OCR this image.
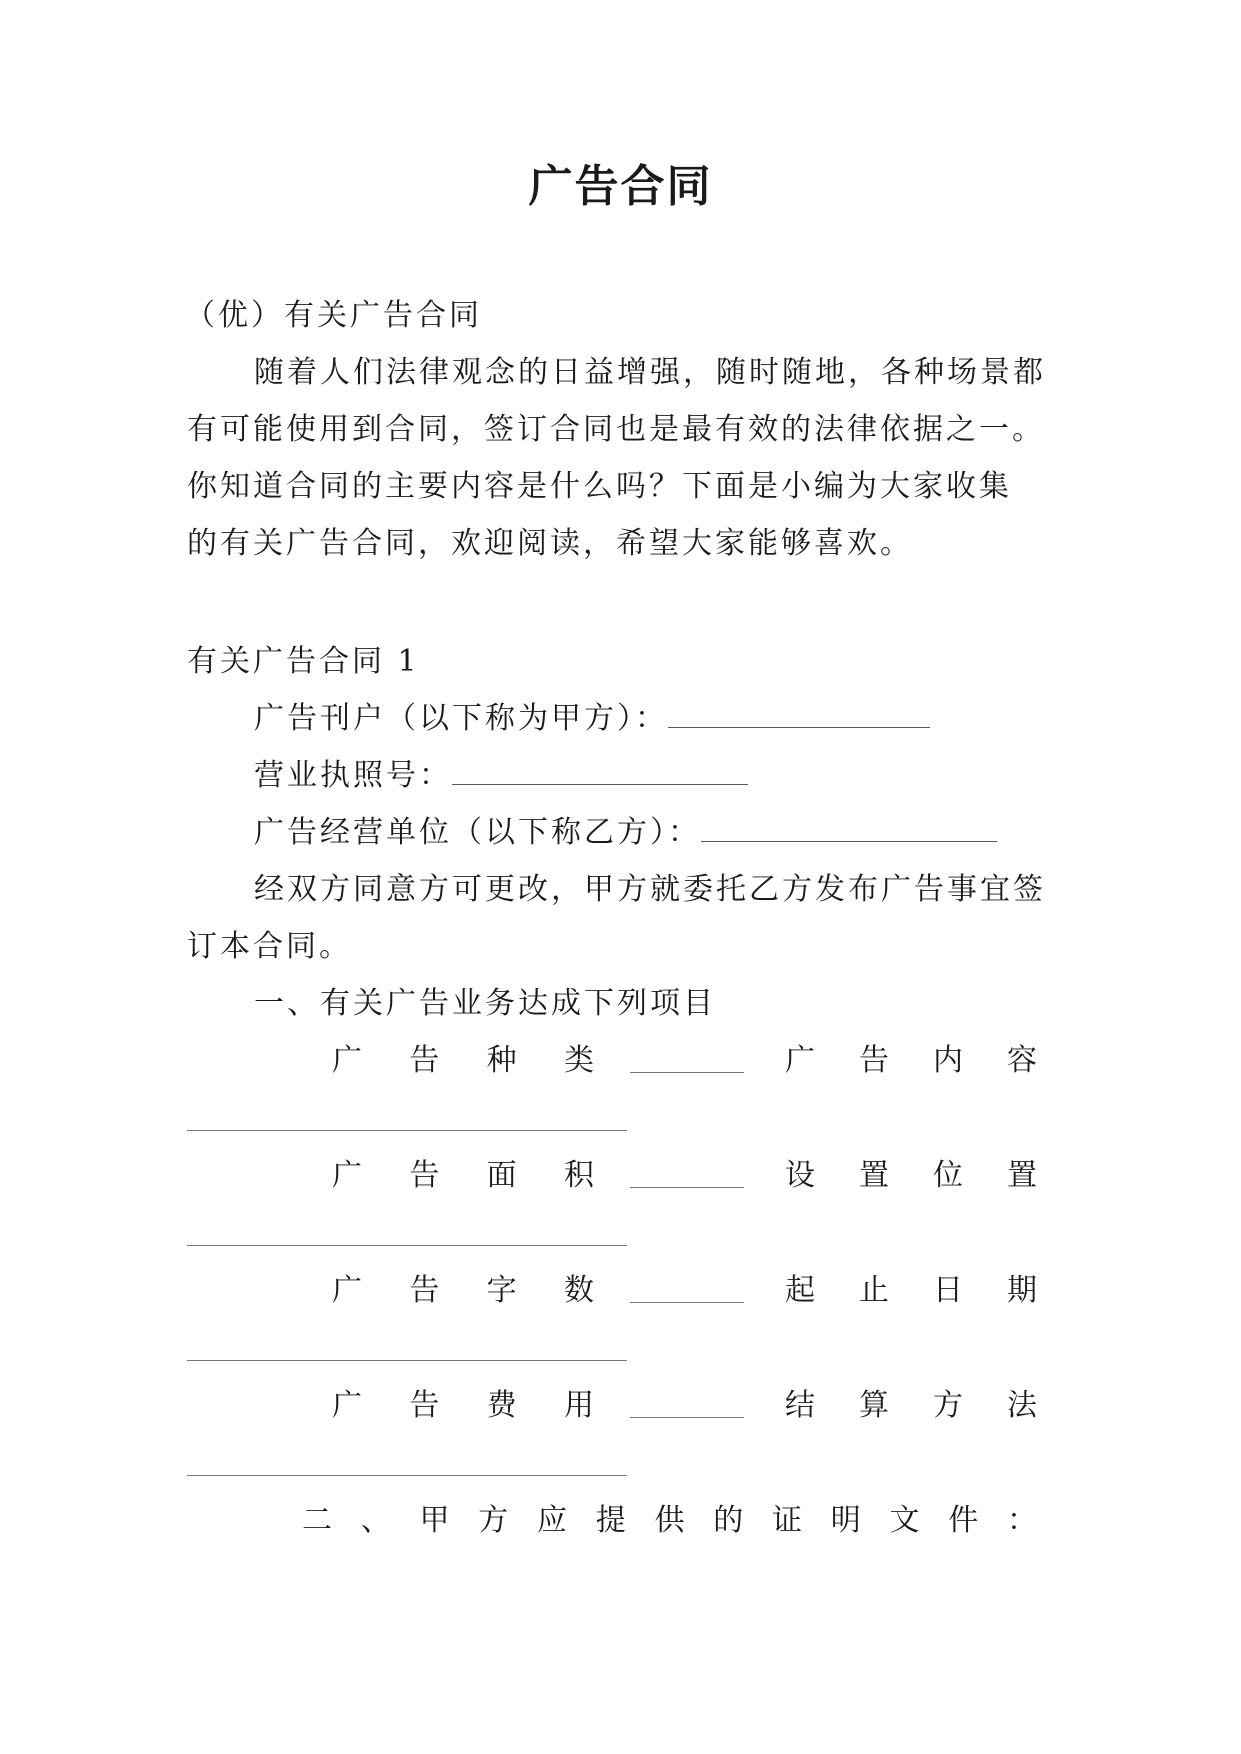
广告合同
（优）有关广告合同
随着人们法律观念的日益增强，随时随地，各种场景都
有可能使用到合同，签订合同也是最有效的法律依据之一。
你知道合同的主要内容是什么吗？下面是小编为大家收集
的有关广告合同，欢迎阅读，希望大家能够喜欢。
有关广告合同 1
广告刊户（以下称为甲方）：
营业执照号：
广告经营单位（以下称乙方）：
经双方同意方可更改，甲方就委托乙方发布广告事宜签
订本合同。
一、有关广告业务达成下列项目
广 告 种 类	广 告 内 容
广 告 面 积	设 置 位 置
广 告 字 数	起 止 日 期
广 告 费 用	结 算 方 法
二 、 甲 方 应 提 供 的 证 明 文 件 ：
